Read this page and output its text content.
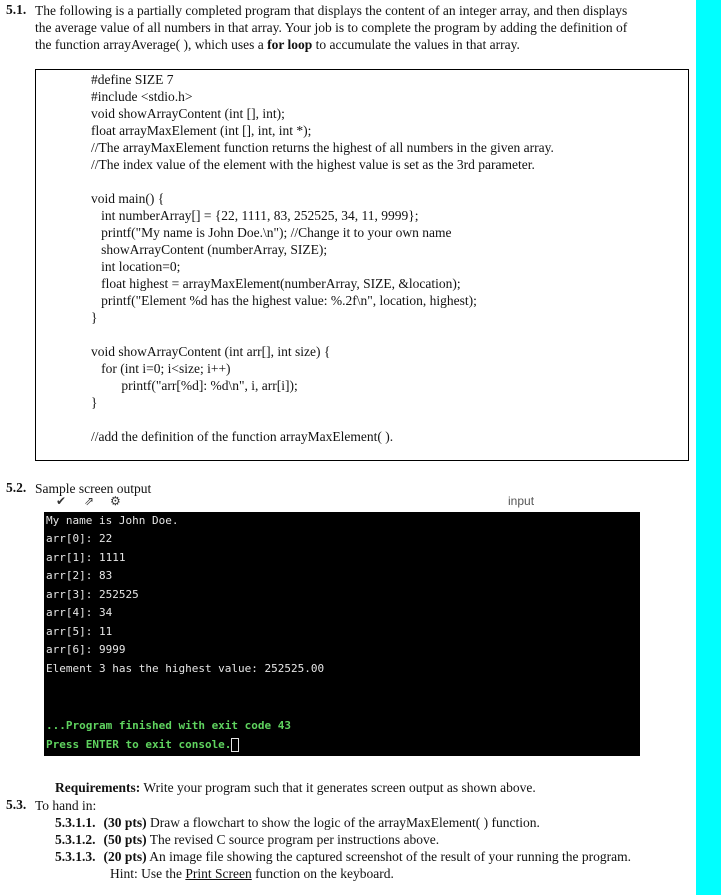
5.1. The following is a partially completed program that displays the content of an integer array, and then displays
the average value of all numbers in that array. Your job is to complete the program by adding the definition of
the function arrayAverage( ), which uses a for loop to accumulate the values in that array.
#define SIZE 7
#include <stdio.h>
void showArrayContent (int [], int);
float arrayMaxElement (int [], int, int *);
//The arrayMaxElement function returns the highest of all numbers in the given array.
//The index value of the element with the highest value is set as the 3rd parameter.
void main() {
int numberArray[] = {22, 1111, 83, 252525, 34, 11, 9999};
printf("My name is John Doe.\n"); //Change it to your own name
showArrayContent (numberArray, SIZE);
int location=0;
float highest = arrayMaxElement(numberArray, SIZE, &location);
printf("Element %d has the highest value: %.2f\n", location, highest);
}
void showArrayContent (int arr[], int size) {
for (int i=0; i<size; i++)
printf("arr[%d]: %d\n", i, arr[i]);
}
//add the definition of the function arrayMaxElement( ).
5.2. Sample screen output
✔ ⇗ ⚙	input
My name is John Doe.
arr[0]: 22
arr[1]: 1111
arr[2]: 83
arr[3]: 252525
arr[4]: 34
arr[5]: 11
arr[6]: 9999
Element 3 has the highest value: 252525.00
...Program finished with exit code 43
Press ENTER to exit console.
Requirements: Write your program such that it generates screen output as shown above.
5.3. To hand in:
5.3.1.1. (30 pts) Draw a flowchart to show the logic of the arrayMaxElement( ) function.
5.3.1.2. (50 pts) The revised C source program per instructions above.
5.3.1.3. (20 pts) An image file showing the captured screenshot of the result of your running the program.
Hint: Use the Print Screen function on the keyboard.
